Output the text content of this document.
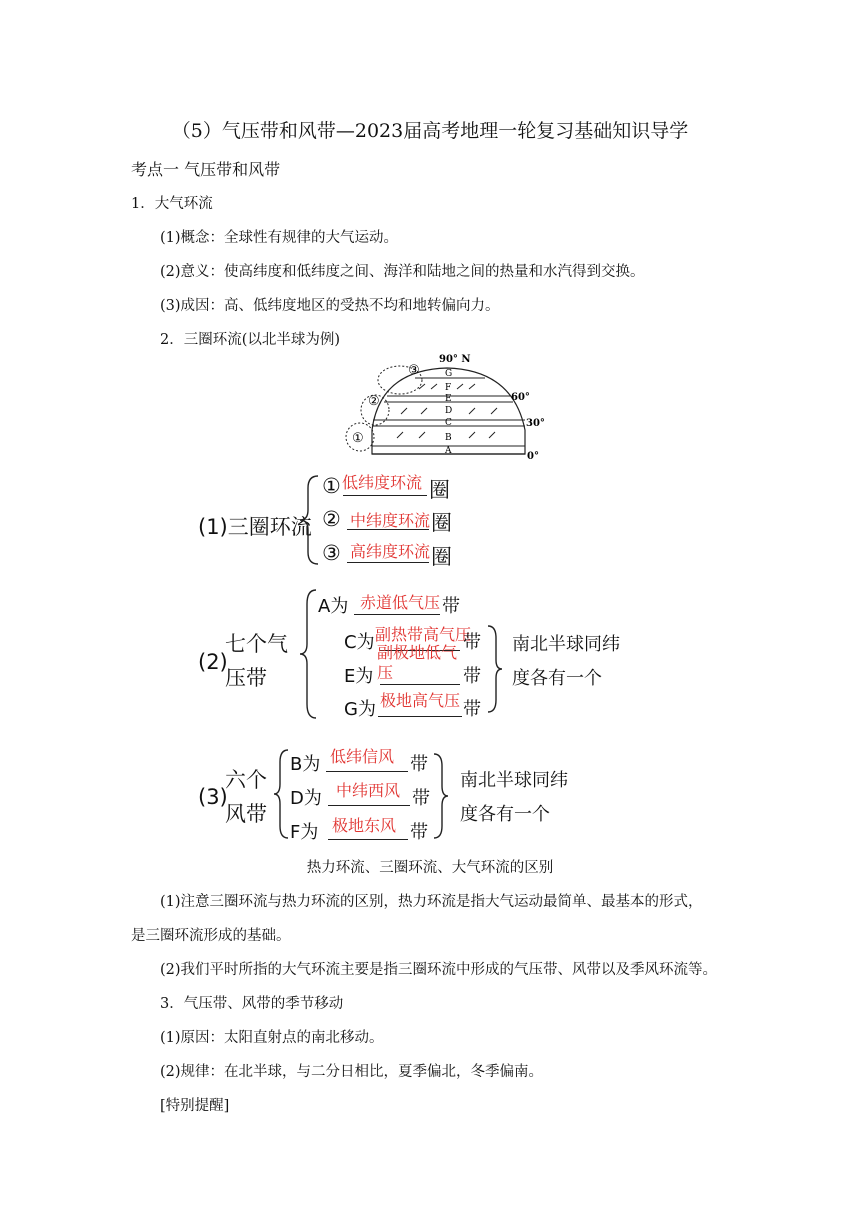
（5）气压带和风带—2023届高考地理一轮复习基础知识导学
考点一 气压带和风带
1．大气环流
(1)概念：全球性有规律的大气运动。
(2)意义：使高纬度和低纬度之间、海洋和陆地之间的热量和水汽得到交换。
(3)成因：高、低纬度地区的受热不均和地转偏向力。
2．三圈环流(以北半球为例)
A
B
C
D
E
F
G
①
②
③
90° N
60°
30°
0°
(1)三圈环流
① 低纬度环流 圈
② 中纬度环流 圈
③ 高纬度环流 圈
(2)
七个气
压带
A为 赤道低气压 带
C为 副热带高气压
带
E为
副极地低气压	带
G为 极地高气压 带
南北半球同纬
度各有一个
(3)
六个
风带
B为 低纬信风 带
D为 中纬西风 带
F为 极地东风 带
南北半球同纬
度各有一个
热力环流、三圈环流、大气环流的区别
(1)注意三圈环流与热力环流的区别，热力环流是指大气运动最简单、最基本的形式，
是三圈环流形成的基础。
(2)我们平时所指的大气环流主要是指三圈环流中形成的气压带、风带以及季风环流等。
3．气压带、风带的季节移动
(1)原因：太阳直射点的南北移动。
(2)规律：在北半球，与二分日相比，夏季偏北，冬季偏南。
[特别提醒]
